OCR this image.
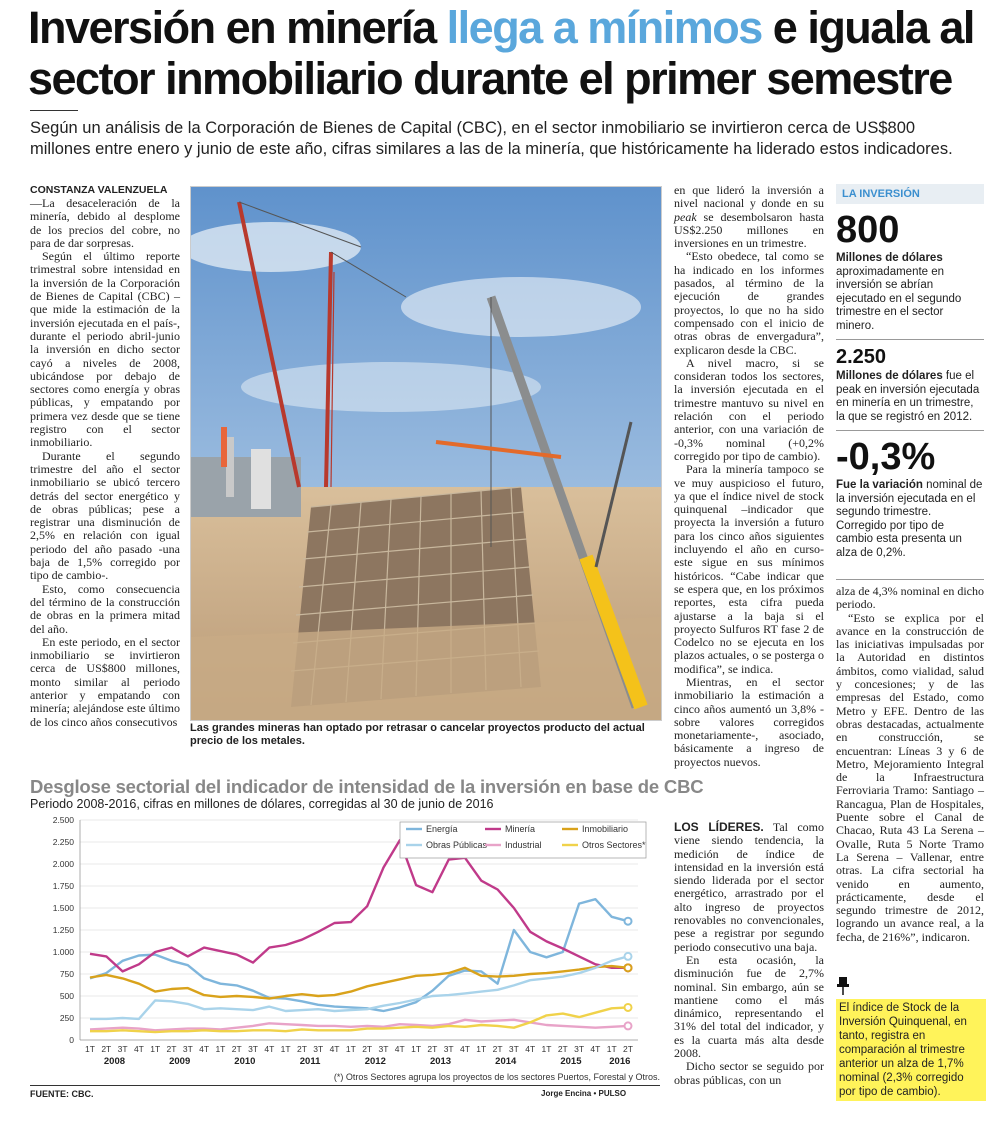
Inversión en minería llega a mínimos e iguala al sector inmobiliario durante el primer semestre

Según un análisis de la Corporación de Bienes de Capital (CBC), en el sector inmobiliario se invirtieron cerca de US$800 millones entre enero y junio de este año, cifras similares a las de la minería, que históricamente ha liderado estos indicadores.

CONSTANZA VALENZUELA

—La desaceleración de la minería, debido al desplome de los precios del cobre, no para de dar sorpresas.

Según el último reporte trimestral sobre intensidad en la inversión de la Corporación de Bienes de Capital (CBC) –que mide la estimación de la inversión ejecutada en el país-, durante el periodo abril-junio la inversión en dicho sector cayó a niveles de 2008, ubicándose por debajo de sectores como energía y obras públicas, y empatando por primera vez desde que se tiene registro con el sector inmobiliario.

Durante el segundo trimestre del año el sector inmobiliario se ubicó tercero detrás del sector energético y de obras públicas; pese a registrar una disminución de 2,5% en relación con igual periodo del año pasado -una baja de 1,5% corregido por tipo de cambio-.

Esto, como consecuencia del término de la construcción de obras en la primera mitad del año.

En este periodo, en el sector inmobiliario se invirtieron cerca de US$800 millones, monto similar al periodo anterior y empatando con minería; alejándose este último de los cinco años consecutivos Las grandes mineras han optado por retrasar o cancelar proyectos producto del actual precio de los metales.

en que lideró la inversión a nivel nacional y donde en su peak se desembolsaron hasta US$2.250 millones en inversiones en un trimestre.

“Esto obedece, tal como se ha indicado en los informes pasados, al término de la ejecución de grandes proyectos, lo que no ha sido compensado con el inicio de otras obras de envergadura”, explicaron desde la CBC.

A nivel macro, si se consideran todos los sectores, la inversión ejecutada en el trimestre mantuvo su nivel en relación con el periodo anterior, con una variación de -0,3% nominal (+0,2% corregido por tipo de cambio).

Para la minería tampoco se ve muy auspicioso el futuro, ya que el índice nivel de stock quinquenal –indicador que proyecta la inversión a futuro para los cinco años siguientes incluyendo el año en curso- este sigue en sus mínimos históricos. “Cabe indicar que se espera que, en los próximos reportes, esta cifra pueda ajustarse a la baja si el proyecto Sulfuros RT fase 2 de Codelco no se ejecuta en los plazos actuales, o se posterga o modifica”, se indica.

Mientras, en el sector inmobiliario la estimación a cinco años aumentó un 3,8% -sobre valores corregidos monetariamente-, asociado, básicamente a ingreso de proyectos nuevos.

LOS LÍDERES. Tal como viene siendo tendencia, la medición de índice de intensidad en la inversión está siendo liderada por el sector energético, arrastrado por el alto ingreso de proyectos renovables no convencionales, pese a registrar por segundo periodo consecutivo una baja.

En esta ocasión, la disminución fue de 2,7% nominal. Sin embargo, aún se mantiene como el más dinámico, representando el 31% del total del indicador, y es la cuarta más alta desde 2008.

Dicho sector se seguido por obras públicas, con un

LA INVERSIÓN
800
Millones de dólares aproximadamente en inversión se abrían ejecutado en el segundo trimestre en el sector minero.
2.250
Millones de dólares fue el peak en inversión ejecutada en minería en un trimestre, la que se registró en 2012.
-0,3%
Fue la variación nominal de la inversión ejecutada en el segundo trimestre. Corregido por tipo de cambio esta presenta un alza de 0,2%.

alza de 4,3% nominal en dicho periodo.

“Esto se explica por el avance en la construcción de las iniciativas impulsadas por la Autoridad en distintos ámbitos, como vialidad, salud y concesiones; y de las empresas del Estado, como Metro y EFE. Dentro de las obras destacadas, actualmente en construcción, se encuentran: Líneas 3 y 6 de Metro, Mejoramiento Integral de la Infraestructura Ferroviaria Tramo: Santiago – Rancagua, Plan de Hospitales, Puente sobre el Canal de Chacao, Ruta 43 La Serena – Ovalle, Ruta 5 Norte Tramo La Serena – Vallenar, entre otras. La cifra sectorial ha venido en aumento, prácticamente, desde el segundo trimestre de 2012, logrando un avance real, a la fecha, de 216%”, indicaron.

El índice de Stock de la Inversión Quinquenal, en tanto, registra en comparación al trimestre anterior un alza de 1,7% nominal (2,3% corregido por tipo de cambio).
Desglose sectorial del indicador de intensidad de la inversión en base de CBC

Periodo 2008-2016, cifras en millones de dólares, corregidas al 30 de junio de 2016

0
250
500
750
1.000
1.250
1.500
1.750
2.000
2.250
2.500
1T 2T 3T 4T 1T 2T 3T 4T 1T 2T 3T 4T 1T 2T 3T 4T 1T 2T 3T 4T 1T 2T 3T 4T 1T 2T 3T 4T 1T 2T 3T 4T 1T 2T
2008	2009	2010	2011	2012	2013	2014	2015	2016
Energía	Minería	Inmobiliario
Obras Públicas Industrial	Otros Sectores*
(*) Otros Sectores agrupa los proyectos de los sectores Puertos, Forestal y Otros.
FUENTE: CBC.	Jorge Encina • PULSO
